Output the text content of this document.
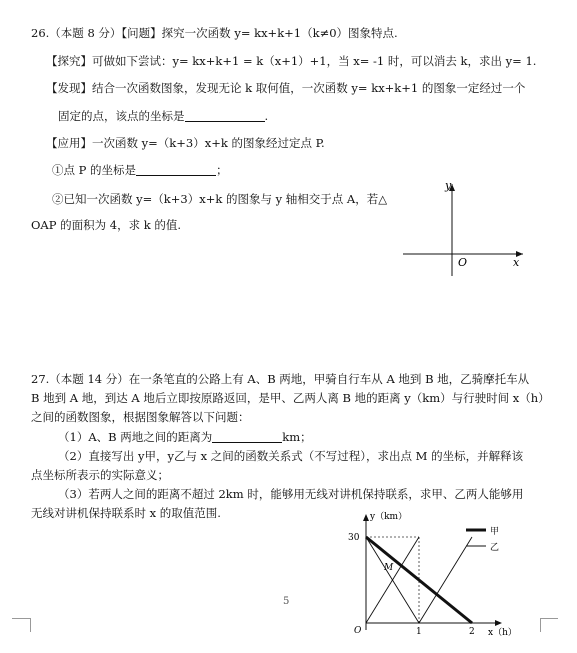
26.（本题 8 分）【问题】探究一次函数 y= kx+k+1（k≠0）图象特点.
【探究】可做如下尝试：y= kx+k+1 = k（x+1）+1，当 x= -1 时，可以消去 k，求出 y= 1.
【发现】结合一次函数图象，发现无论 k 取何值，一次函数 y= kx+k+1 的图象一定经过一个
固定的点，该点的坐标是	.
【应用】一次函数 y=（k+3）x+k 的图象经过定点 P.
①点 P 的坐标是	；
②已知一次函数 y=（k+3）x+k 的图象与 y 轴相交于点 A，若△
OAP 的面积为 4，求 k 的值.
y
x
O
27.（本题 14 分）在一条笔直的公路上有 A、B 两地，甲骑自行车从 A 地到 B 地，乙骑摩托车从
B 地到 A 地，到达 A 地后立即按原路返回，是甲、乙两人离 B 地的距离 y（km）与行驶时间 x（h）
之间的函数图象，根据图象解答以下问题：
（1）A、B 两地之间的距离为	km；
（2）直接写出 y甲，y乙与 x 之间的函数关系式（不写过程），求出点 M 的坐标，并解释该
点坐标所表示的实际意义；
（3）若两人之间的距离不超过 2km 时，能够用无线对讲机保持联系，求甲、乙两人能够用
无线对讲机保持联系时 x 的取值范围.	y（km）
x（h）
O
30
1	2
M
甲
乙
5
